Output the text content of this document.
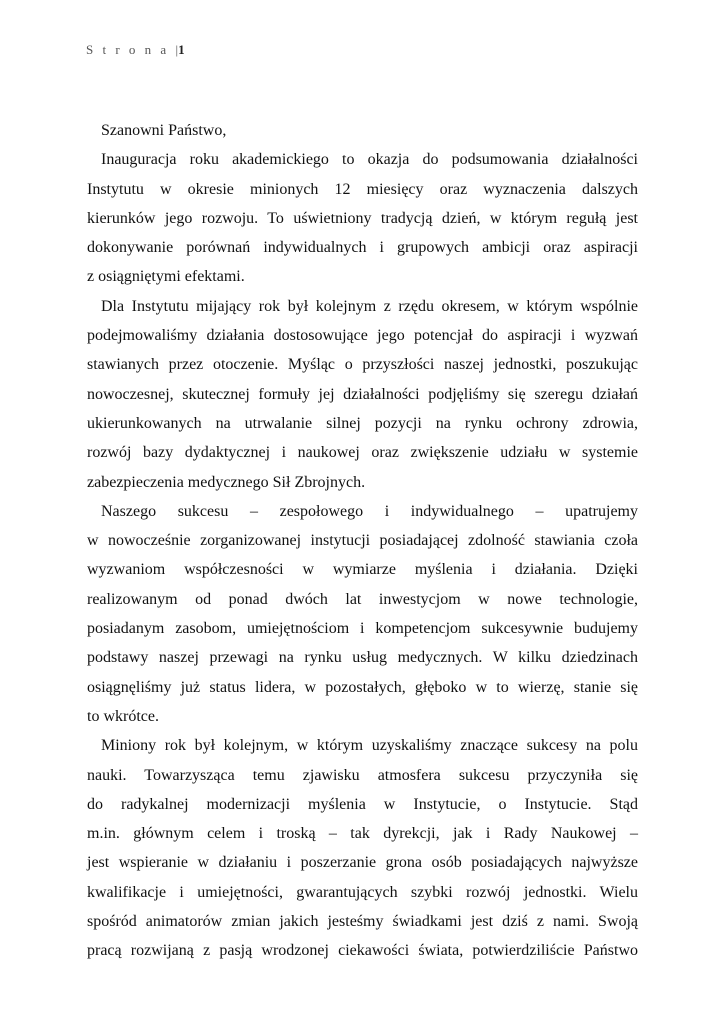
S t r o n a |1
Szanowni Państwo,
Inauguracja roku akademickiego to okazja do podsumowania działalności
Instytutu w okresie minionych 12 miesięcy oraz wyznaczenia dalszych
kierunków jego rozwoju. To uświetniony tradycją dzień, w którym regułą jest
dokonywanie porównań indywidualnych i grupowych ambicji oraz aspiracji
z osiągniętymi efektami.
Dla Instytutu mijający rok był kolejnym z rzędu okresem, w którym wspólnie
podejmowaliśmy działania dostosowujące jego potencjał do aspiracji i wyzwań
stawianych przez otoczenie. Myśląc o przyszłości naszej jednostki, poszukując
nowoczesnej, skutecznej formuły jej działalności podjęliśmy się szeregu działań
ukierunkowanych na utrwalanie silnej pozycji na rynku ochrony zdrowia,
rozwój bazy dydaktycznej i naukowej oraz zwiększenie udziału w systemie
zabezpieczenia medycznego Sił Zbrojnych.
Naszego sukcesu – zespołowego i indywidualnego – upatrujemy
w nowocześnie zorganizowanej instytucji posiadającej zdolność stawiania czoła
wyzwaniom współczesności w wymiarze myślenia i działania. Dzięki
realizowanym od ponad dwóch lat inwestycjom w nowe technologie,
posiadanym zasobom, umiejętnościom i kompetencjom sukcesywnie budujemy
podstawy naszej przewagi na rynku usług medycznych. W kilku dziedzinach
osiągnęliśmy już status lidera, w pozostałych, głęboko w to wierzę, stanie się
to wkrótce.
Miniony rok był kolejnym, w którym uzyskaliśmy znaczące sukcesy na polu
nauki. Towarzysząca temu zjawisku atmosfera sukcesu przyczyniła się
do radykalnej modernizacji myślenia w Instytucie, o Instytucie. Stąd
m.in. głównym celem i troską – tak dyrekcji, jak i Rady Naukowej –
jest wspieranie w działaniu i poszerzanie grona osób posiadających najwyższe
kwalifikacje i umiejętności, gwarantujących szybki rozwój jednostki. Wielu
spośród animatorów zmian jakich jesteśmy świadkami jest dziś z nami. Swoją
pracą rozwijaną z pasją wrodzonej ciekawości świata, potwierdziliście Państwo
